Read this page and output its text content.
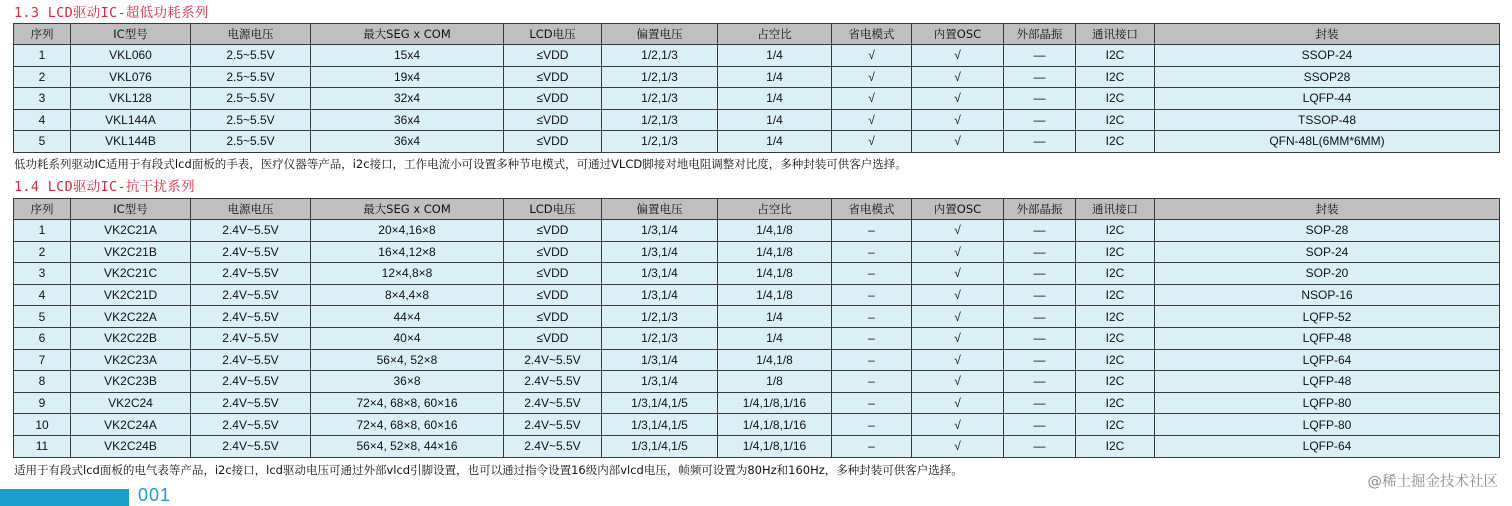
1.3 LCD驱动IC-超低功耗系列
序列	IC型号	电源电压	最大SEG x COM	LCD电压	偏置电压	占空比	省电模式	内置OSC	外部晶振	通讯接口	封装
1	VKL060	2.5~5.5V	15x4	≤VDD	1/2,1/3	1/4	√	√	—	I2C	SSOP-24
2	VKL076	2.5~5.5V	19x4	≤VDD	1/2,1/3	1/4	√	√	—	I2C	SSOP28
3	VKL128	2.5~5.5V	32x4	≤VDD	1/2,1/3	1/4	√	√	—	I2C	LQFP-44
4	VKL144A	2.5~5.5V	36x4	≤VDD	1/2,1/3	1/4	√	√	—	I2C	TSSOP-48
5	VKL144B	2.5~5.5V	36x4	≤VDD	1/2,1/3	1/4	√	√	—	I2C	QFN-48L(6MM*6MM)
低功耗系列驱动IC适用于有段式lcd面板的手表，医疗仪器等产品，i2c接口，工作电流小可设置多种节电模式，可通过VLCD脚接对地电阻调整对比度，多种封装可供客户选择。
1.4 LCD驱动IC-抗干扰系列
序列	IC型号	电源电压	最大SEG x COM	LCD电压	偏置电压	占空比	省电模式	内置OSC	外部晶振	通讯接口	封装
1	VK2C21A	2.4V~5.5V	20×4,16×8	≤VDD	1/3,1/4	1/4,1/8	–	√	—	I2C	SOP-28
2	VK2C21B	2.4V~5.5V	16×4,12×8	≤VDD	1/3,1/4	1/4,1/8	–	√	—	I2C	SOP-24
3	VK2C21C	2.4V~5.5V	12×4,8×8	≤VDD	1/3,1/4	1/4,1/8	–	√	—	I2C	SOP-20
4	VK2C21D	2.4V~5.5V	8×4,4×8	≤VDD	1/3,1/4	1/4,1/8	–	√	—	I2C	NSOP-16
5	VK2C22A	2.4V~5.5V	44×4	≤VDD	1/2,1/3	1/4	–	√	—	I2C	LQFP-52
6	VK2C22B	2.4V~5.5V	40×4	≤VDD	1/2,1/3	1/4	–	√	—	I2C	LQFP-48
7	VK2C23A	2.4V~5.5V	56×4, 52×8	2.4V~5.5V	1/3,1/4	1/4,1/8	–	√	—	I2C	LQFP-64
8	VK2C23B	2.4V~5.5V	36×8	2.4V~5.5V	1/3,1/4	1/8	–	√	—	I2C	LQFP-48
9	VK2C24	2.4V~5.5V	72×4, 68×8, 60×16	2.4V~5.5V	1/3,1/4,1/5	1/4,1/8,1/16	–	√	—	I2C	LQFP-80
10	VK2C24A	2.4V~5.5V	72×4, 68×8, 60×16	2.4V~5.5V	1/3,1/4,1/5	1/4,1/8,1/16	–	√	—	I2C	LQFP-80
11	VK2C24B	2.4V~5.5V	56×4, 52×8, 44×16	2.4V~5.5V	1/3,1/4,1/5	1/4,1/8,1/16	–	√	—	I2C	LQFP-64
适用于有段式lcd面板的电气表等产品，i2c接口，lcd驱动电压可通过外部vlcd引脚设置，也可以通过指令设置16级内部vlcd电压，帧频可设置为80Hz和160Hz，多种封装可供客户选择。
001
@稀土掘金技术社区
